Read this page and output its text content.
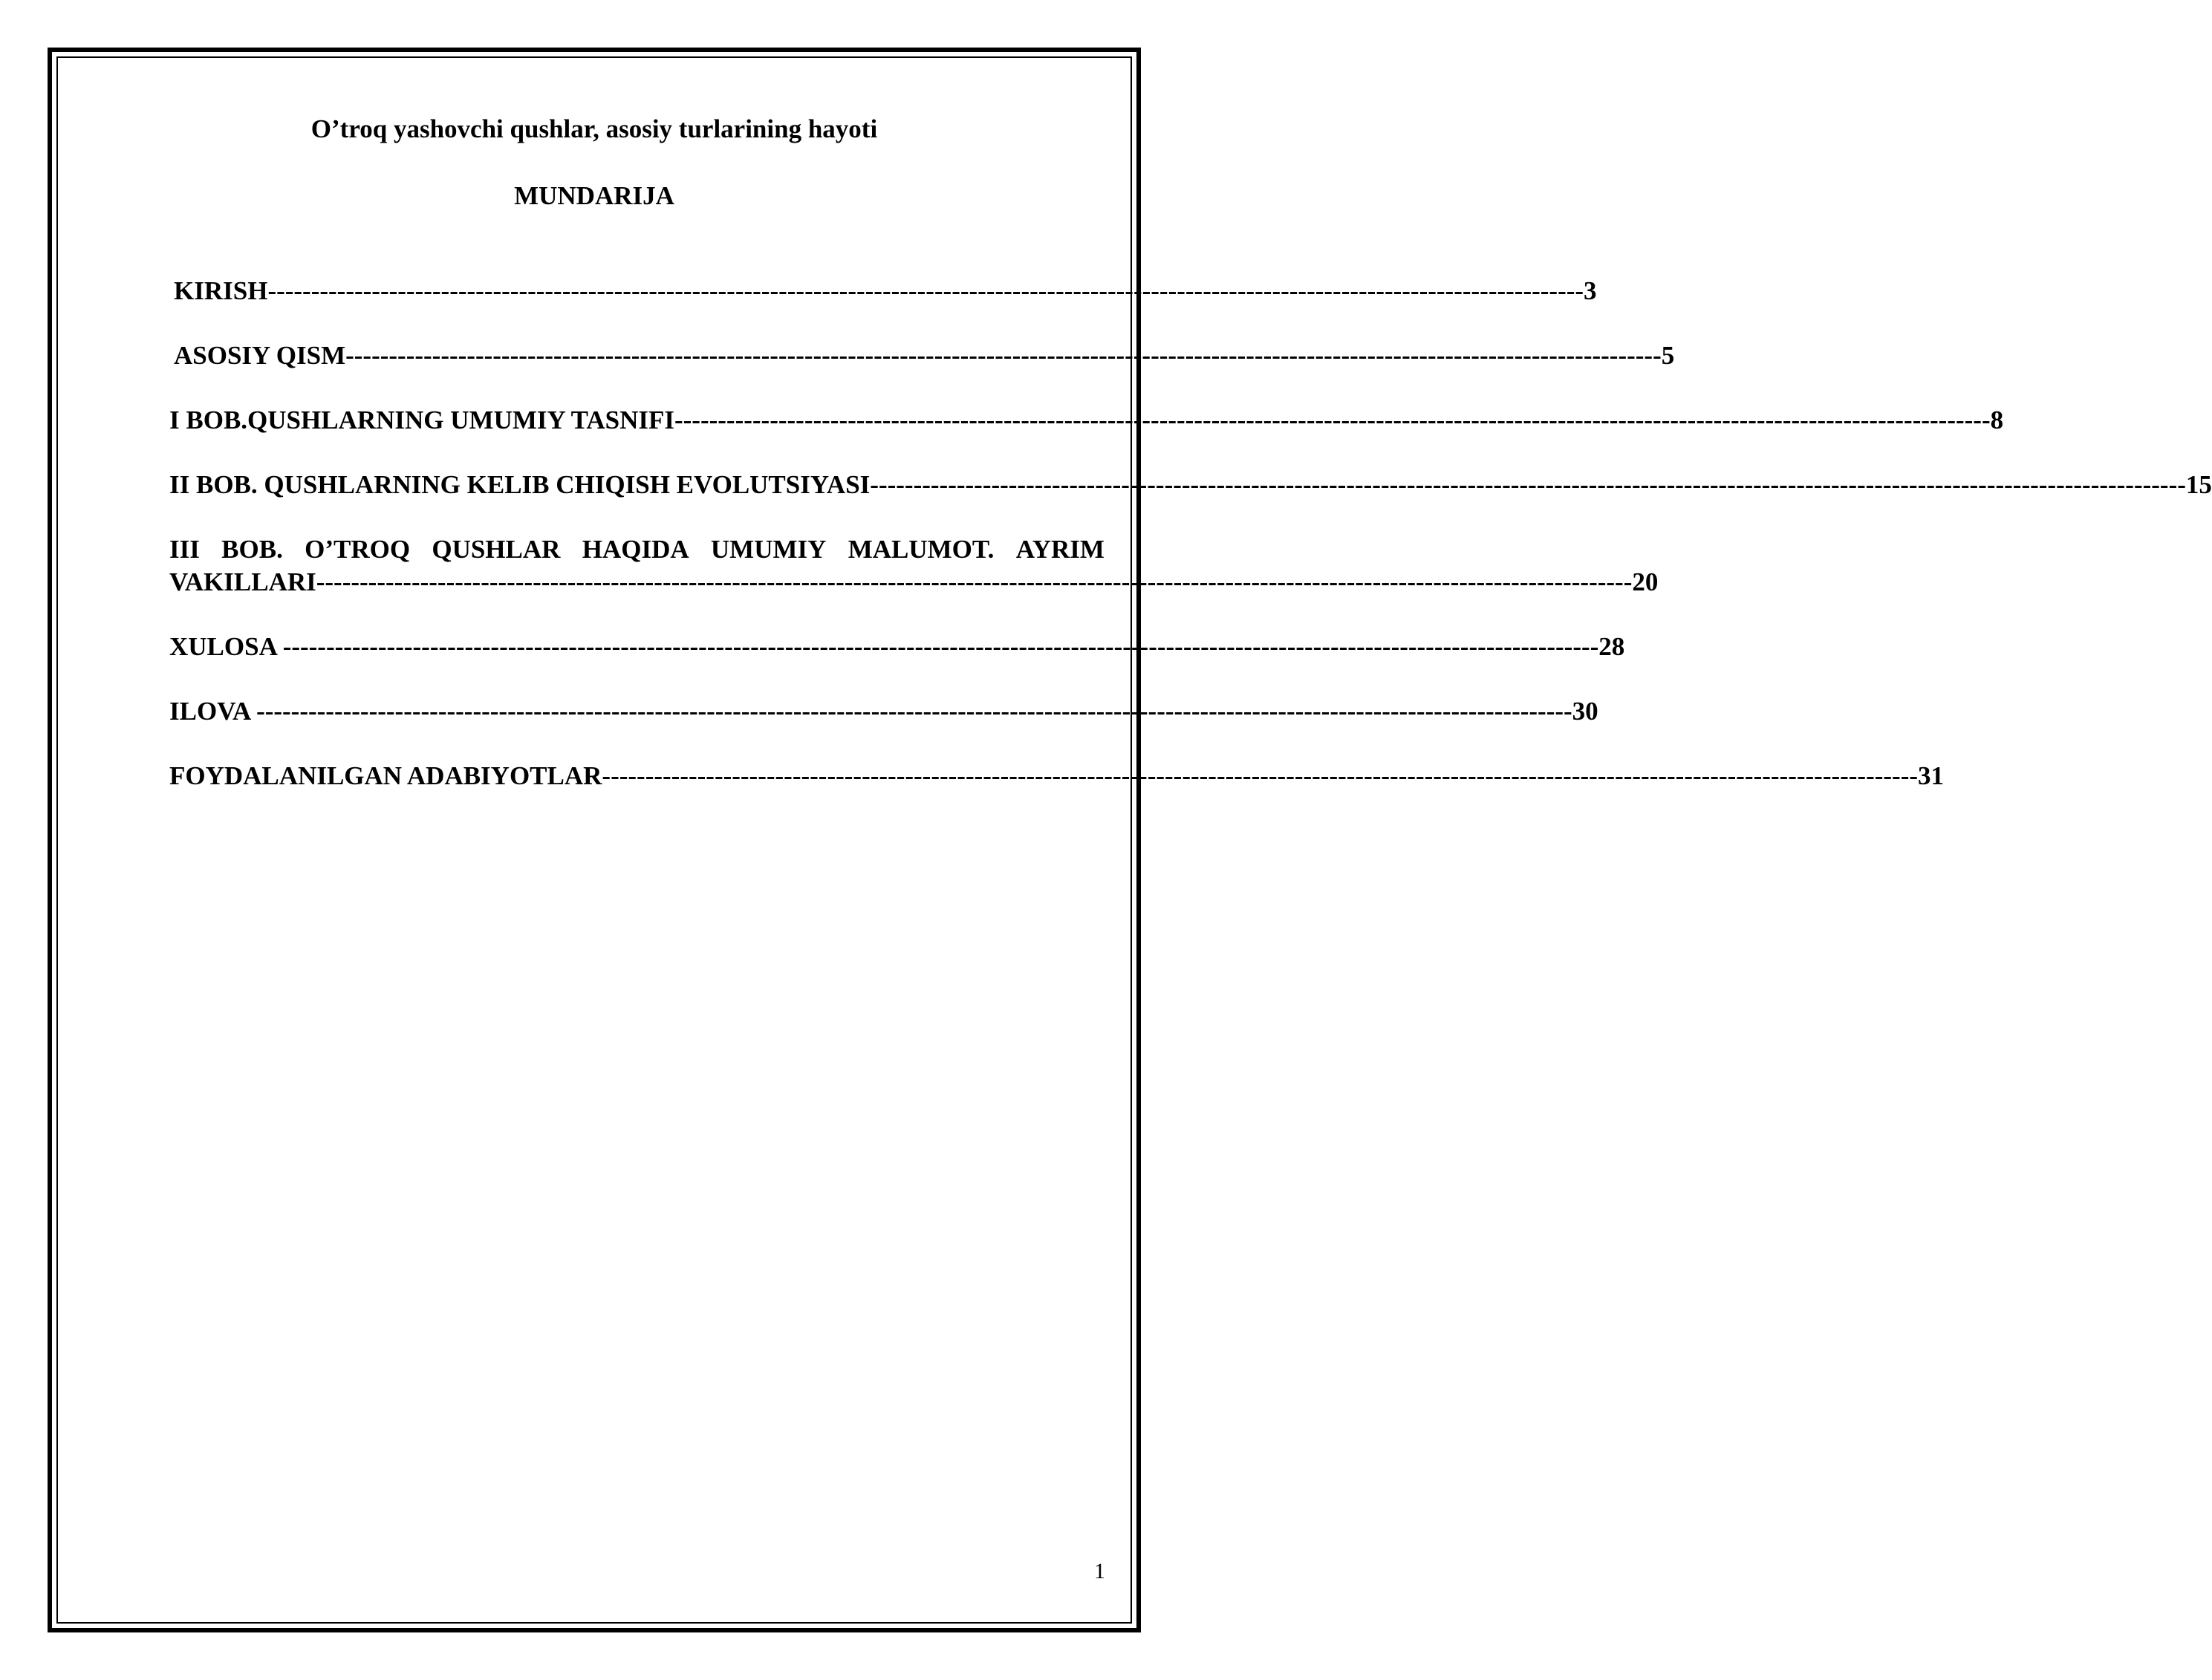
O’troq yashovchi qushlar, asosiy turlarining hayoti
MUNDARIJA
KIRISH -------------------------------------------------------------------------------------------------------------------------------------------------------- 3
ASOSIY QISM -------------------------------------------------------------------------------------------------------------------------------------------------------- 5
I BOB.QUSHLARNING UMUMIY TASNIFI -------------------------------------------------------------------------------------------------------------------------------------------------------- 8
II BOB. QUSHLARNING KELIB CHIQISH EVOLUTSIYASI -------------------------------------------------------------------------------------------------------------------------------------------------------- 15
III BOB. O’TROQ QUSHLAR HAQIDA UMUMIY MALUMOT. AYRIM
VAKILLARI -------------------------------------------------------------------------------------------------------------------------------------------------------- 20
XULOSA -------------------------------------------------------------------------------------------------------------------------------------------------------- 28
ILOVA -------------------------------------------------------------------------------------------------------------------------------------------------------- 30
FOYDALANILGAN ADABIYOTLAR -------------------------------------------------------------------------------------------------------------------------------------------------------- 31
1
